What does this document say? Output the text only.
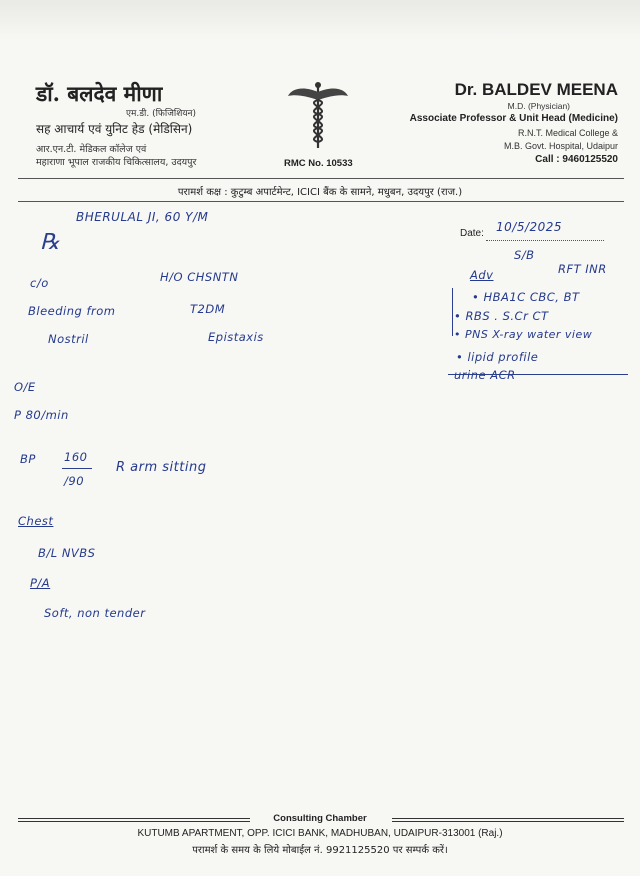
डॉ. बलदेव मीणा
एम.डी. (फिजिशियन)
सह आचार्य एवं युनिट हेड (मेडिसिन)
आर.एन.टी. मेडिकल कॉलेज एवं
महाराणा भूपाल राजकीय चिकित्सालय, उदयपुर	RMC No. 10533
Dr. BALDEV MEENA
M.D. (Physician)
Associate Professor & Unit Head (Medicine)
R.N.T. Medical College &
M.B. Govt. Hospital, Udaipur
Call : 9460125520
परामर्श कक्ष : कुटुम्ब अपार्टमेन्ट, ICICI बैंक के सामने, मधुबन, उदयपुर (राज.)
Date: 10/5/2025
BHERULAL JI, 60 Y/M
℞
c/o	H/O CHSNTN
Bleeding from	T2DM
Nostril	Epistaxis
S/B
Adv	RFT INR
• HBA1C CBC, BT
• RBS . S.Cr CT
• PNS X-ray water view
• lipid profile
urine ACR
O/E
P 80/min
BP 160
/90
R arm sitting
Chest
B/L NVBS
P/A
Soft, non tender
Consulting Chamber
KUTUMB APARTMENT, OPP. ICICI BANK, MADHUBAN, UDAIPUR-313001 (Raj.)
परामर्श के समय के लिये मोबाईल नं. 9921125520 पर सम्पर्क करें।
